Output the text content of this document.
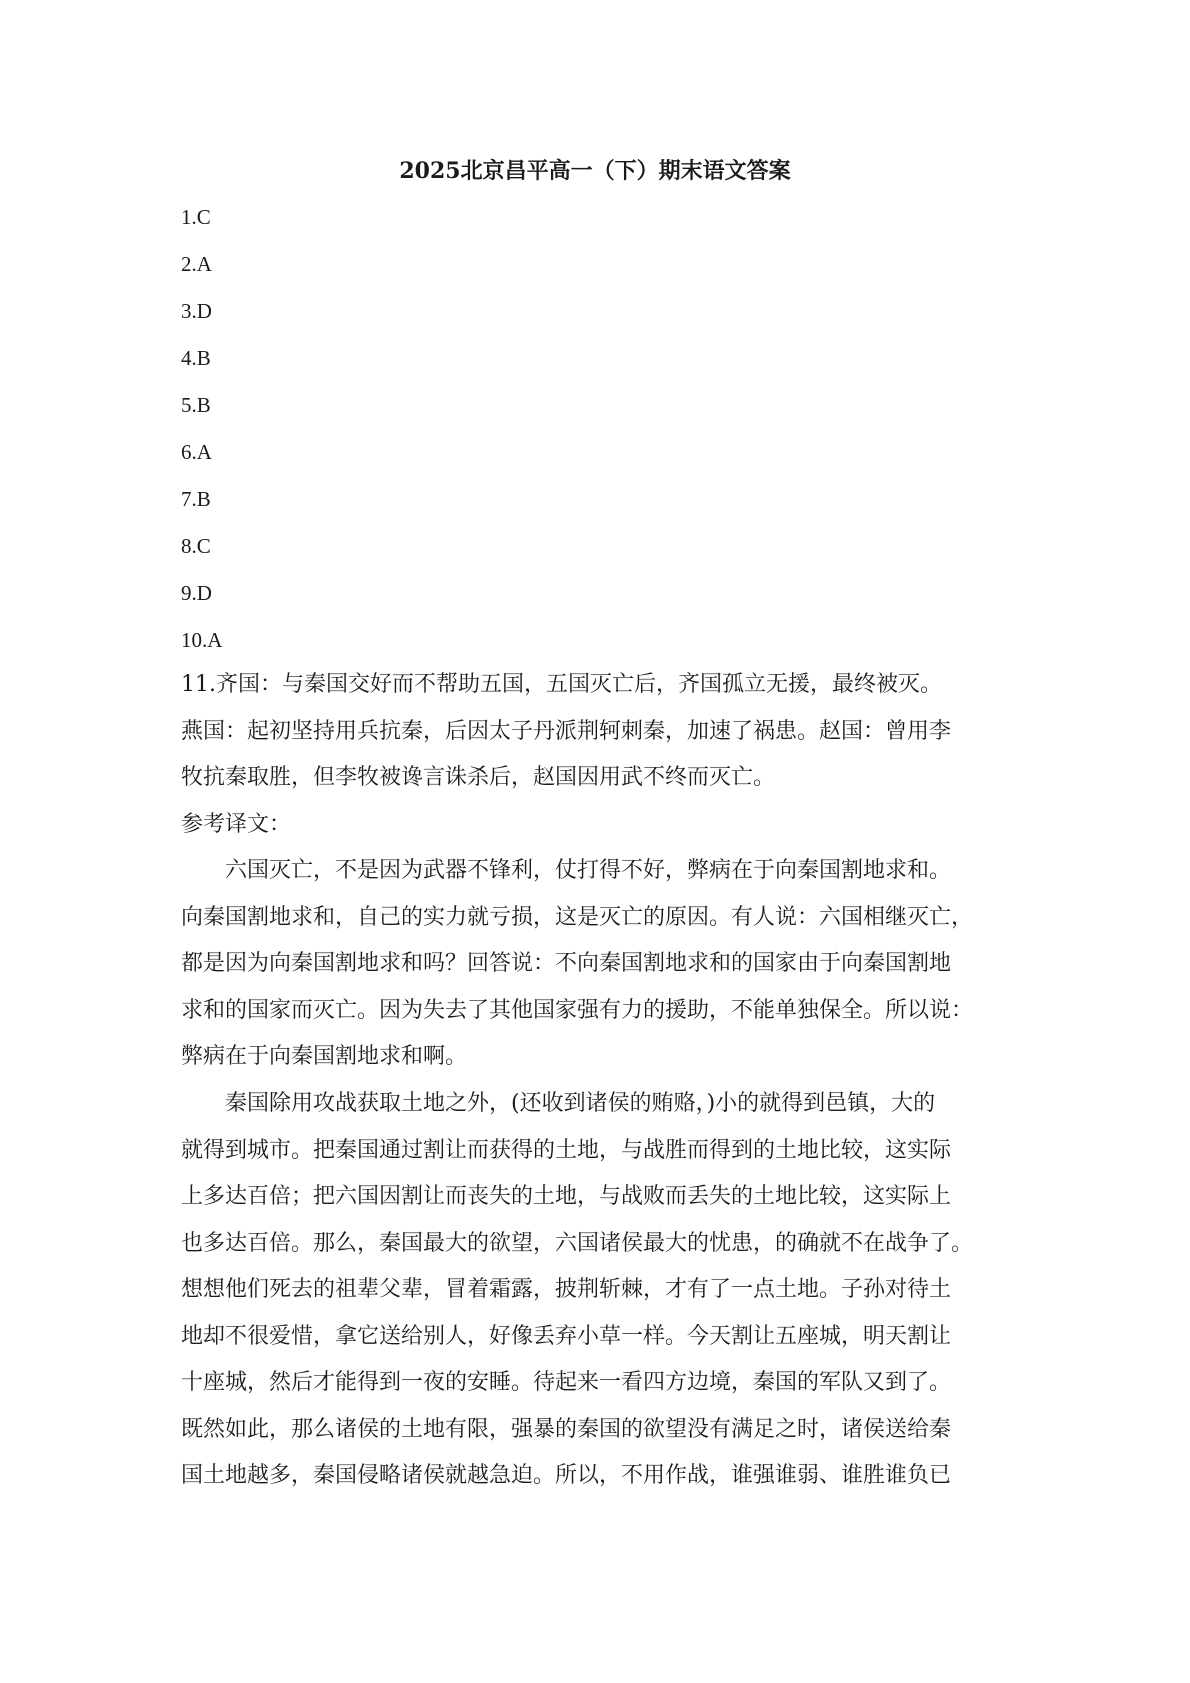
2025北京昌平高一（下）期末语文答案
1.C
2.A
3.D
4.B
5.B
6.A
7.B
8.C
9.D
10.A
11.齐国：与秦国交好而不帮助五国，五国灭亡后，齐国孤立无援，最终被灭。
燕国：起初坚持用兵抗秦，后因太子丹派荆轲刺秦，加速了祸患。赵国：曾用李
牧抗秦取胜，但李牧被谗言诛杀后，赵国因用武不终而灭亡。
参考译文：
六国灭亡，不是因为武器不锋利，仗打得不好，弊病在于向秦国割地求和。
向秦国割地求和，自己的实力就亏损，这是灭亡的原因。有人说：六国相继灭亡，
都是因为向秦国割地求和吗？回答说：不向秦国割地求和的国家由于向秦国割地
求和的国家而灭亡。因为失去了其他国家强有力的援助，不能单独保全。所以说：
弊病在于向秦国割地求和啊。
秦国除用攻战获取土地之外，(还收到诸侯的贿赂，)小的就得到邑镇，大的
就得到城市。把秦国通过割让而获得的土地，与战胜而得到的土地比较，这实际
上多达百倍；把六国因割让而丧失的土地，与战败而丢失的土地比较，这实际上
也多达百倍。那么，秦国最大的欲望，六国诸侯最大的忧患，的确就不在战争了。
想想他们死去的祖辈父辈，冒着霜露，披荆斩棘，才有了一点土地。子孙对待土
地却不很爱惜，拿它送给别人，好像丢弃小草一样。今天割让五座城，明天割让
十座城，然后才能得到一夜的安睡。待起来一看四方边境，秦国的军队又到了。
既然如此，那么诸侯的土地有限，强暴的秦国的欲望没有满足之时，诸侯送给秦
国土地越多，秦国侵略诸侯就越急迫。所以，不用作战，谁强谁弱、谁胜谁负已
